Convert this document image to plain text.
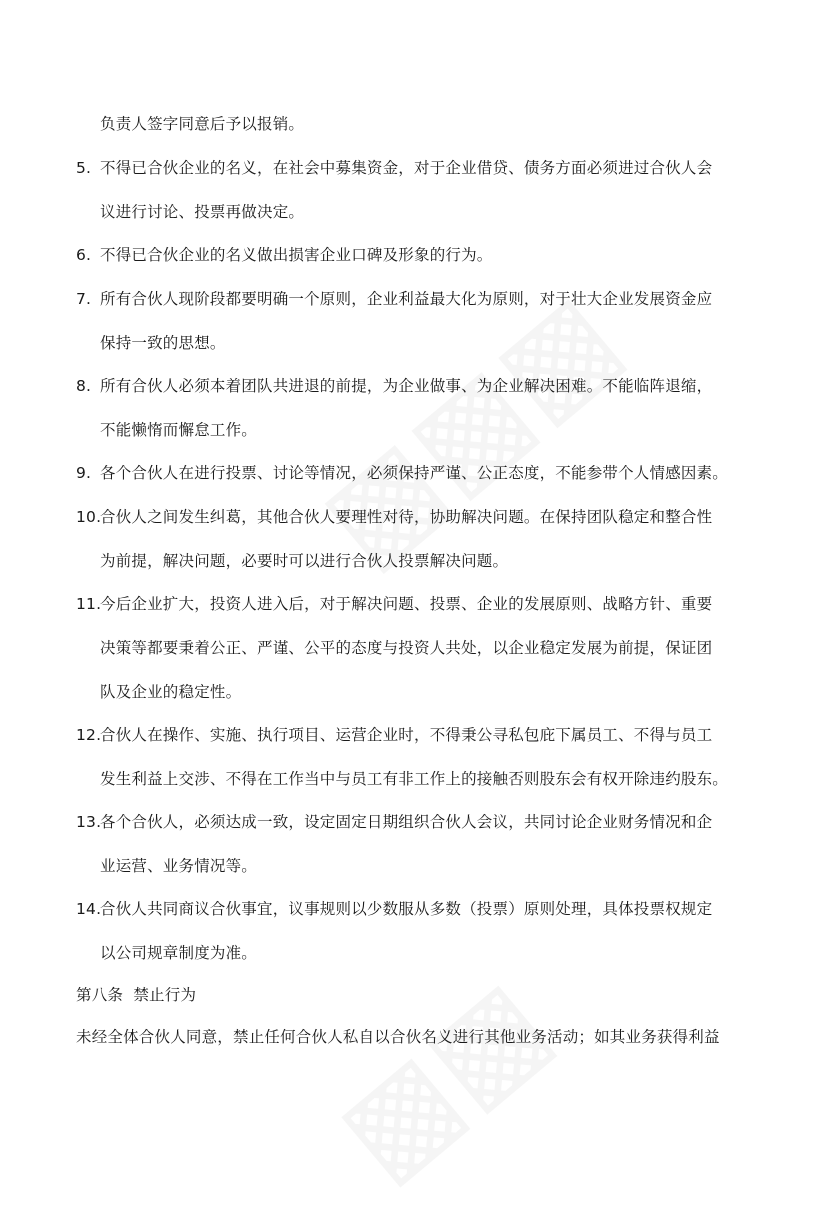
负责人签字同意后予以报销。
5. 不得已合伙企业的名义，在社会中募集资金，对于企业借贷、债务方面必须进过合伙人会
议进行讨论、投票再做决定。
6. 不得已合伙企业的名义做出损害企业口碑及形象的行为。
7. 所有合伙人现阶段都要明确一个原则，企业利益最大化为原则，对于壮大企业发展资金应
保持一致的思想。
8. 所有合伙人必须本着团队共进退的前提，为企业做事、为企业解决困难。不能临阵退缩，
不能懒惰而懈怠工作。
9. 各个合伙人在进行投票、讨论等情况，必须保持严谨、公正态度，不能参带个人情感因素。
10.合伙人之间发生纠葛，其他合伙人要理性对待，协助解决问题。在保持团队稳定和整合性
为前提，解决问题，必要时可以进行合伙人投票解决问题。
11.今后企业扩大，投资人进入后，对于解决问题、投票、企业的发展原则、战略方针、重要
决策等都要秉着公正、严谨、公平的态度与投资人共处，以企业稳定发展为前提，保证团
队及企业的稳定性。
12.合伙人在操作、实施、执行项目、运营企业时，不得秉公寻私包庇下属员工、不得与员工
发生利益上交涉、不得在工作当中与员工有非工作上的接触否则股东会有权开除违约股东。
13.各个合伙人，必须达成一致，设定固定日期组织合伙人会议，共同讨论企业财务情况和企
业运营、业务情况等。
14.合伙人共同商议合伙事宜，议事规则以少数服从多数（投票）原则处理，具体投票权规定
以公司规章制度为准。
第八条  禁止行为
未经全体合伙人同意，禁止任何合伙人私自以合伙名义进行其他业务活动；如其业务获得利益
